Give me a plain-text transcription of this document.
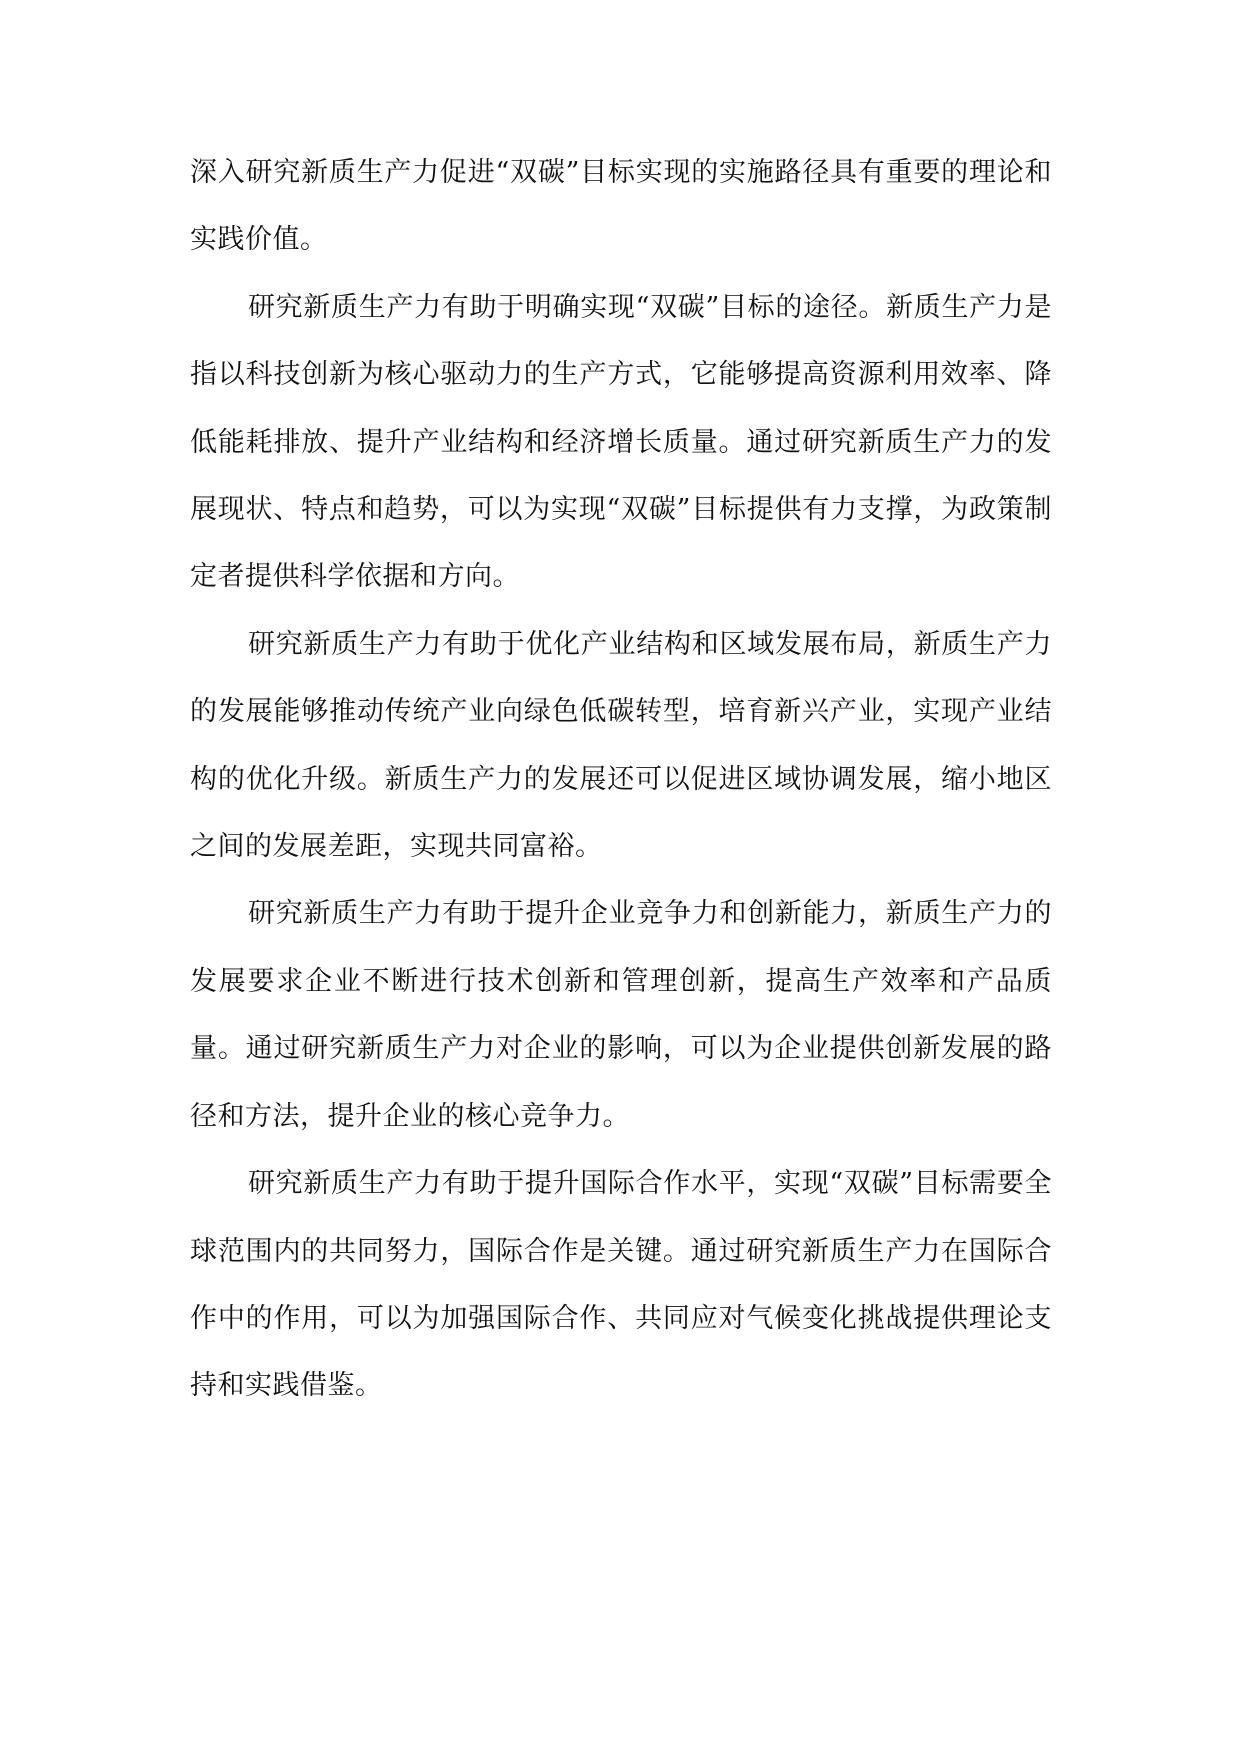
深入研究新质生产力促进“双碳”目标实现的实施路径具有重要的理论和实践价值。

研究新质生产力有助于明确实现“双碳”目标的途径。新质生产力是指以科技创新为核心驱动力的生产方式，它能够提高资源利用效率、降低能耗排放、提升产业结构和经济增长质量。通过研究新质生产力的发展现状、特点和趋势，可以为实现“双碳”目标提供有力支撑，为政策制定者提供科学依据和方向。

研究新质生产力有助于优化产业结构和区域发展布局，新质生产力的发展能够推动传统产业向绿色低碳转型，培育新兴产业，实现产业结构的优化升级。新质生产力的发展还可以促进区域协调发展，缩小地区之间的发展差距，实现共同富裕。

研究新质生产力有助于提升企业竞争力和创新能力，新质生产力的发展要求企业不断进行技术创新和管理创新，提高生产效率和产品质量。通过研究新质生产力对企业的影响，可以为企业提供创新发展的路径和方法，提升企业的核心竞争力。

研究新质生产力有助于提升国际合作水平，实现“双碳”目标需要全球范围内的共同努力，国际合作是关键。通过研究新质生产力在国际合作中的作用，可以为加强国际合作、共同应对气候变化挑战提供理论支持和实践借鉴。
